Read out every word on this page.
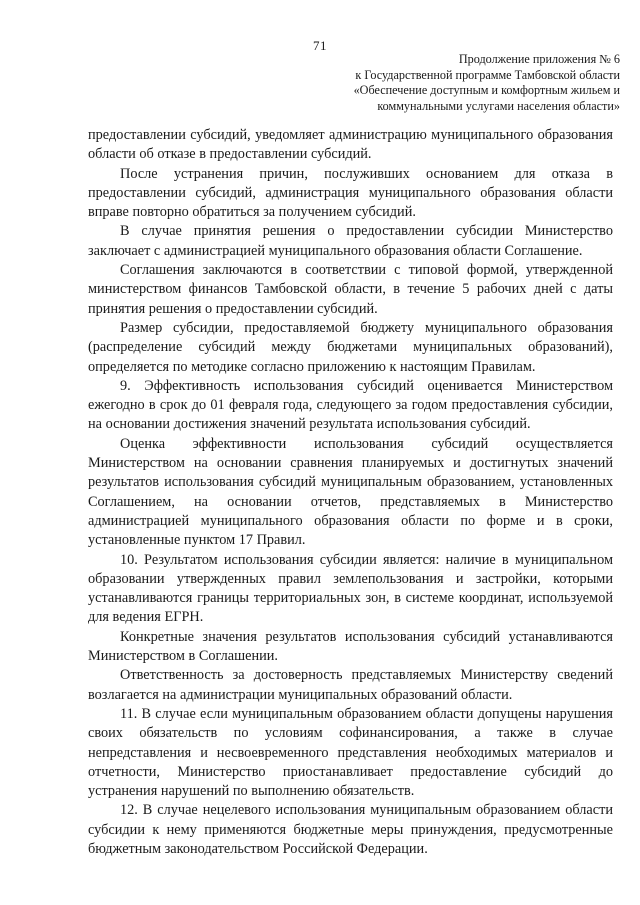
71
Продолжение приложения № 6
к Государственной программе Тамбовской области
«Обеспечение доступным и комфортным жильем и
коммунальными услугами населения области»

предоставлении субсидий, уведомляет администрацию муниципального образования области об отказе в предоставлении субсидий.

После устранения причин, послуживших основанием для отказа в предоставлении субсидий, администрация муниципального образования области вправе повторно обратиться за получением субсидий.

В случае принятия решения о предоставлении субсидии Министерство заключает с администрацией муниципального образования области Соглашение.

Соглашения заключаются в соответствии с типовой формой, утвержденной министерством финансов Тамбовской области, в течение 5 рабочих дней с даты принятия решения о предоставлении субсидий.

Размер субсидии, предоставляемой бюджету муниципального образования (распределение субсидий между бюджетами муниципальных образований), определяется по методике согласно приложению к настоящим Правилам.

9. Эффективность использования субсидий оценивается Министерством ежегодно в срок до 01 февраля года, следующего за годом предоставления субсидии, на основании достижения значений результата использования субсидий.

Оценка эффективности использования субсидий осуществляется Министерством на основании сравнения планируемых и достигнутых значений результатов использования субсидий муниципальным образованием, установленных Соглашением, на основании отчетов, представляемых в Министерство администрацией муниципального образования области по форме и в сроки, установленные пунктом 17 Правил.

10. Результатом использования субсидии является: наличие в муниципальном образовании утвержденных правил землепользования и застройки, которыми устанавливаются границы территориальных зон, в системе координат, используемой для ведения ЕГРН.

Конкретные значения результатов использования субсидий устанавливаются Министерством в Соглашении.

Ответственность за достоверность представляемых Министерству сведений возлагается на администрации муниципальных образований области.

11. В случае если муниципальным образованием области допущены нарушения своих обязательств по условиям софинансирования, а также в случае непредставления и несвоевременного представления необходимых материалов и отчетности, Министерство приостанавливает предоставление субсидий до устранения нарушений по выполнению обязательств.

12. В случае нецелевого использования муниципальным образованием области субсидии к нему применяются бюджетные меры принуждения, предусмотренные бюджетным законодательством Российской Федерации.
